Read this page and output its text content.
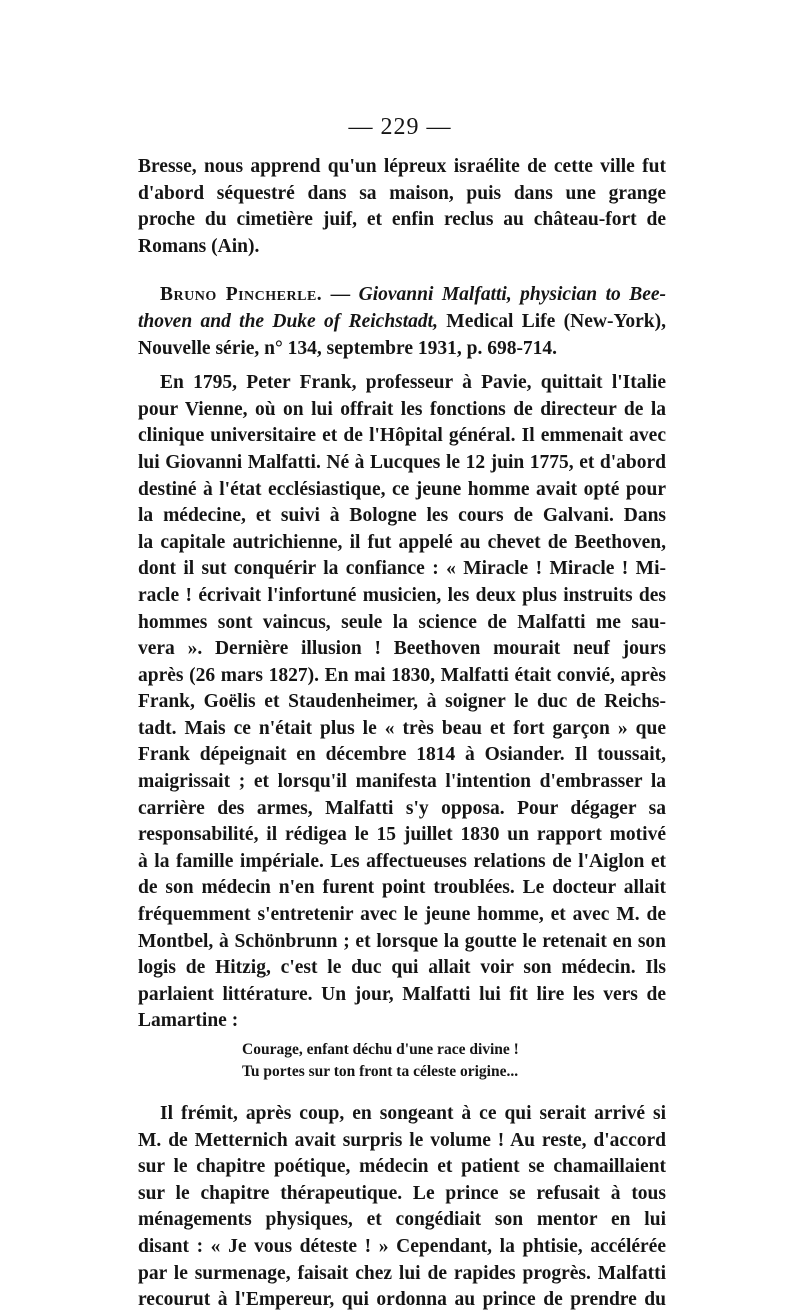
— 229 —
Bresse, nous apprend qu'un lépreux israélite de cette ville fut
d'abord séquestré dans sa maison, puis dans une grange
proche du cimetière juif, et enfin reclus au château-fort de
Romans (Ain).
Bruno Pincherle. — Giovanni Malfatti, physician to Bee-
thoven and the Duke of Reichstadt, Medical Life (New-York),
Nouvelle série, n° 134, septembre 1931, p. 698-714.
En 1795, Peter Frank, professeur à Pavie, quittait l'Italie
pour Vienne, où on lui offrait les fonctions de directeur de la
clinique universitaire et de l'Hôpital général. Il emmenait avec
lui Giovanni Malfatti. Né à Lucques le 12 juin 1775, et d'abord
destiné à l'état ecclésiastique, ce jeune homme avait opté pour
la médecine, et suivi à Bologne les cours de Galvani. Dans
la capitale autrichienne, il fut appelé au chevet de Beethoven,
dont il sut conquérir la confiance : « Miracle ! Miracle ! Mi-
racle ! écrivait l'infortuné musicien, les deux plus instruits des
hommes sont vaincus, seule la science de Malfatti me sau-
vera ». Dernière illusion ! Beethoven mourait neuf jours
après (26 mars 1827). En mai 1830, Malfatti était convié, après
Frank, Goëlis et Staudenheimer, à soigner le duc de Reichs-
tadt. Mais ce n'était plus le « très beau et fort garçon » que
Frank dépeignait en décembre 1814 à Osiander. Il toussait,
maigrissait ; et lorsqu'il manifesta l'intention d'embrasser la
carrière des armes, Malfatti s'y opposa. Pour dégager sa
responsabilité, il rédigea le 15 juillet 1830 un rapport motivé
à la famille impériale. Les affectueuses relations de l'Aiglon et
de son médecin n'en furent point troublées. Le docteur allait
fréquemment s'entretenir avec le jeune homme, et avec M. de
Montbel, à Schönbrunn ; et lorsque la goutte le retenait en son
logis de Hitzig, c'est le duc qui allait voir son médecin. Ils
parlaient littérature. Un jour, Malfatti lui fit lire les vers de
Lamartine :
Courage, enfant déchu d'une race divine !
Tu portes sur ton front ta céleste origine...
Il frémit, après coup, en songeant à ce qui serait arrivé si
M. de Metternich avait surpris le volume ! Au reste, d'accord
sur le chapitre poétique, médecin et patient se chamaillaient
sur le chapitre thérapeutique. Le prince se refusait à tous
ménagements physiques, et congédiait son mentor en lui
disant : « Je vous déteste ! » Cependant, la phtisie, accélérée
par le surmenage, faisait chez lui de rapides progrès. Malfatti
recourut à l'Empereur, qui ordonna au prince de prendre du
